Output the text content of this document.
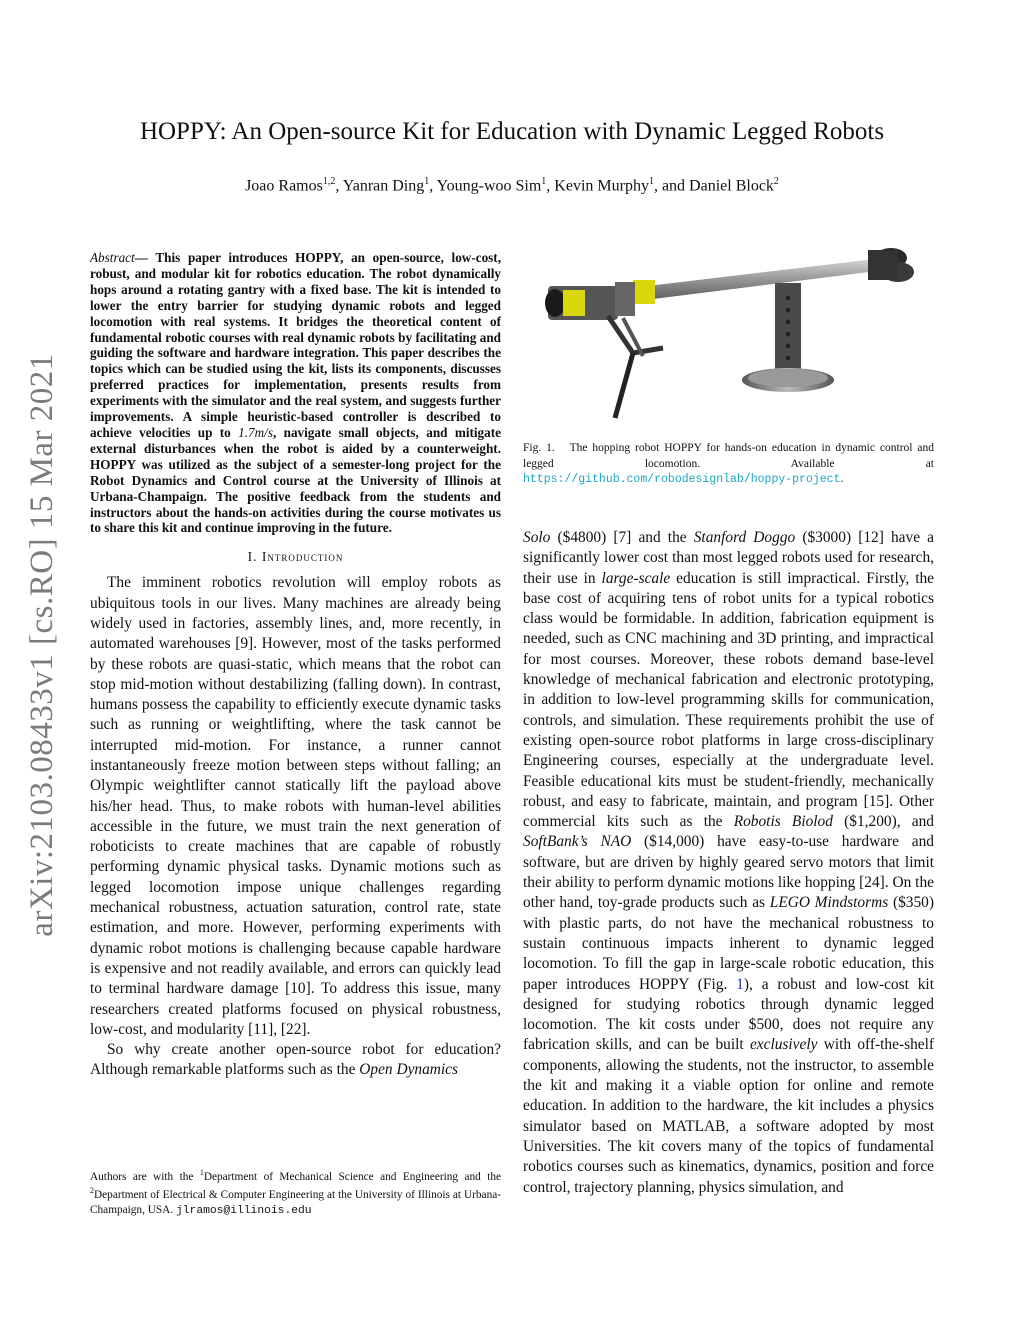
arXiv:2103.08433v1 [cs.RO] 15 Mar 2021
HOPPY: An Open-source Kit for Education with Dynamic Legged Robots
Joao Ramos$^{1,2}$, Yanran Ding$^1$, Young-woo Sim$^1$, Kevin Murphy$^1$, and Daniel Block$^2$

Abstract— This paper introduces HOPPY, an open-source, low-cost, robust, and modular kit for robotics education. The robot dynamically hops around a rotating gantry with a fixed base. The kit is intended to lower the entry barrier for studying dynamic robots and legged locomotion with real systems. It bridges the theoretical content of fundamental robotic courses with real dynamic robots by facilitating and guiding the software and hardware integration. This paper describes the topics which can be studied using the kit, lists its components, discusses preferred practices for implementation, presents results from experiments with the simulator and the real system, and suggests further improvements. A simple heuristic-based controller is described to achieve velocities up to 1.7m/s, navigate small objects, and mitigate external disturbances when the robot is aided by a counterweight. HOPPY was utilized as the subject of a semester-long project for the Robot Dynamics and Control course at the University of Illinois at Urbana-Champaign. The positive feedback from the students and instructors about the hands-on activities during the course motivates us to share this kit and continue improving in the future.

I. Introduction

The imminent robotics revolution will employ robots as ubiquitous tools in our lives. Many machines are already being widely used in factories, assembly lines, and, more recently, in automated warehouses [9]. However, most of the tasks performed by these robots are quasi-static, which means that the robot can stop mid-motion without destabilizing (falling down). In contrast, humans possess the capability to efficiently execute dynamic tasks such as running or weightlifting, where the task cannot be interrupted mid-motion. For instance, a runner cannot instantaneously freeze motion between steps without falling; an Olympic weightlifter cannot statically lift the payload above his/her head. Thus, to make robots with human-level abilities accessible in the future, we must train the next generation of roboticists to create machines that are capable of robustly performing dynamic physical tasks. Dynamic motions such as legged locomotion impose unique challenges regarding mechanical robustness, actuation saturation, control rate, state estimation, and more. However, performing experiments with dynamic robot motions is challenging because capable hardware is expensive and not readily available, and errors can quickly lead to terminal hardware damage [10]. To address this issue, many researchers created platforms focused on physical robustness, low-cost, and modularity [11], [22].

So why create another open-source robot for education? Although remarkable platforms such as the Open Dynamics

Authors are with the $^1$Department of Mechanical Science and Engineering and the $^2$Department of Electrical & Computer Engineering at the University of Illinois at Urbana-Champaign, USA. jlramos@illinois.edu
Fig. 1. The hopping robot HOPPY for hands-on education in dynamic control and legged locomotion. Available at https://github.com/robodesignlab/hoppy-project.

Solo ($4800) [7] and the Stanford Doggo ($3000) [12] have a significantly lower cost than most legged robots used for research, their use in large-scale education is still impractical. Firstly, the base cost of acquiring tens of robot units for a typical robotics class would be formidable. In addition, fabrication equipment is needed, such as CNC machining and 3D printing, and impractical for most courses. Moreover, these robots demand base-level knowledge of mechanical fabrication and electronic prototyping, in addition to low-level programming skills for communication, controls, and simulation. These requirements prohibit the use of existing open-source robot platforms in large cross-disciplinary Engineering courses, especially at the undergraduate level. Feasible educational kits must be student-friendly, mechanically robust, and easy to fabricate, maintain, and program [15]. Other commercial kits such as the Robotis Biolod ($1,200), and SoftBank’s NAO ($14,000) have easy-to-use hardware and software, but are driven by highly geared servo motors that limit their ability to perform dynamic motions like hopping [24]. On the other hand, toy-grade products such as LEGO Mindstorms ($350) with plastic parts, do not have the mechanical robustness to sustain continuous impacts inherent to dynamic legged locomotion. To fill the gap in large-scale robotic education, this paper introduces HOPPY (Fig. 1), a robust and low-cost kit designed for studying robotics through dynamic legged locomotion. The kit costs under $500, does not require any fabrication skills, and can be built exclusively with off-the-shelf components, allowing the students, not the instructor, to assemble the kit and making it a viable option for online and remote education. In addition to the hardware, the kit includes a physics simulator based on MATLAB, a software adopted by most Universities. The kit covers many of the topics of fundamental robotics courses such as kinematics, dynamics, position and force control, trajectory planning, physics simulation, and
